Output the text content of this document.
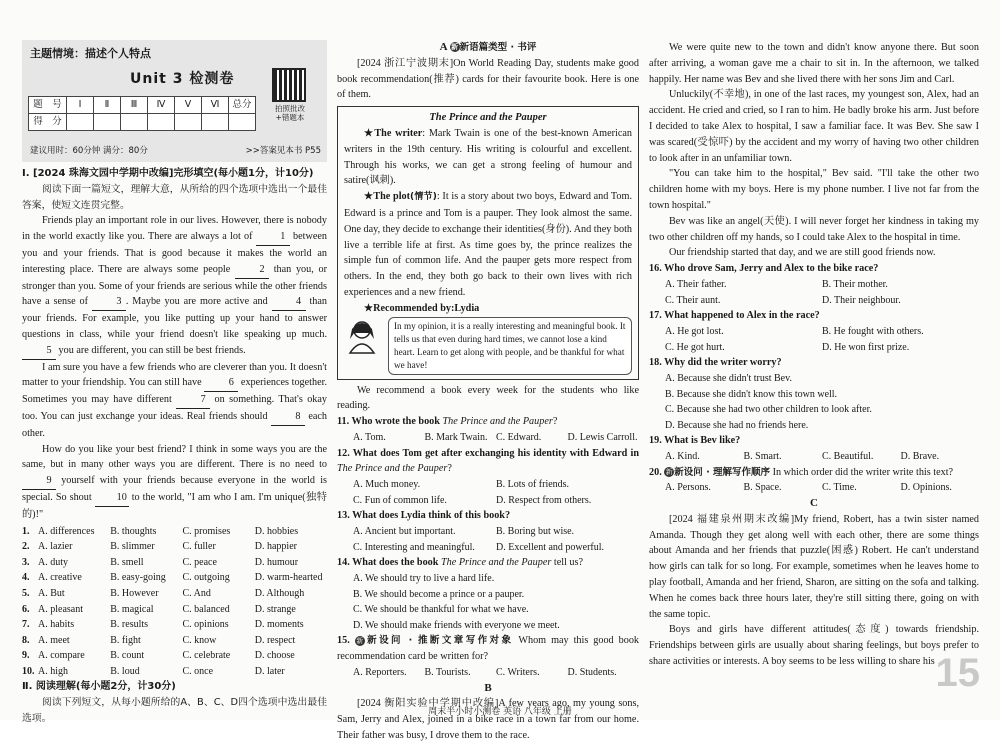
主题情境：描述个人特点
Unit 3 检测卷
题　号	Ⅰ	Ⅱ	Ⅲ	Ⅳ	Ⅴ	Ⅵ	总分
得　分							
拍照批改
+错题本
建议用时：60分钟 满分：80分	>>答案见本书 P55

Ⅰ. [2024 珠海文园中学期中改编]完形填空(每小题1分，计10分)

阅读下面一篇短文，理解大意，从所给的四个选项中选出一个最佳答案，使短文连贯完整。

Friends play an important role in our lives. However, there is nobody in the world exactly like you. There are always a lot of 1 between you and your friends. That is good because it makes the world an interesting place. There are always some people 2 than you, or stronger than you. Some of your friends are serious while the other friends have a sense of 3 . Maybe you are more active and 4 than your friends. For example, you like putting up your hand to answer questions in class, while your friend doesn't like speaking up much. 5 you are different, you can still be best friends.

I am sure you have a few friends who are cleverer than you. It doesn't matter to your friendship. You can still have 6 experiences together. Sometimes you may have different 7 on something. That's okay too. You can just exchange your ideas. Real friends should 8 each other.

How do you like your best friend? I think in some ways you are the same, but in many other ways you are different. There is no need to 9 yourself with your friends because everyone in the world is special. So shout 10 to the world, "I am who I am. I'm unique(独特的)!"

1. A. differences	B. thoughts	C. promises	D. hobbies
2. A. lazier	B. slimmer	C. fuller	D. happier
3. A. duty	B. smell	C. peace	D. humour
4. A. creative	B. easy-going	C. outgoing	D. warm-hearted
5. A. But	B. However	C. And	D. Although
6. A. pleasant	B. magical	C. balanced	D. strange
7. A. habits	B. results	C. opinions	D. moments
8. A. meet	B. fight	C. know	D. respect
9. A. compare	B. count	C. celebrate	D. choose
10. A. high	B. loud	C. once	D. later

Ⅱ. 阅读理解(每小题2分，计30分)

阅读下列短文，从每小题所给的A、B、C、D四个选项中选出最佳选项。

A 新 新语篇类型 · 书评

[2024 浙江宁波期末]On World Reading Day, students make good book recommendation(推荐) cards for their favourite book. Here is one of them.

The Prince and the Pauper

★The writer: Mark Twain is one of the best-known American writers in the 19th century. His writing is colourful and excellent. Through his works, we can get a strong feeling of humour and satire(讽刺).

★The plot(情节): It is a story about two boys, Edward and Tom. Edward is a prince and Tom is a pauper. They look almost the same. One day, they decide to exchange their identities(身份). And they both live a terrible life at first. As time goes by, the prince realizes the simple fun of common life. And the pauper gets more respect from others. In the end, they both go back to their own lives with rich experiences and a new friend.

★Recommended by:Lydia

In my opinion, it is a really interesting and meaningful book. It tells us that even during hard times, we cannot lose a kind heart. Learn to get along with people, and be thankful for what we have!

We recommend a book every week for the students who like reading.

11. Who wrote the book The Prince and the Pauper?

A. Tom.	B. Mark Twain. C. Edward.	D. Lewis Carroll.

12. What does Tom get after exchanging his identity with Edward in The Prince and the Pauper?

A. Much money.	B. Lots of friends.
C. Fun of common life.	D. Respect from others.

13. What does Lydia think of this book?

A. Ancient but important.	B. Boring but wise.
C. Interesting and meaningful.	D. Excellent and powerful.

14. What does the book The Prince and the Pauper tell us?

A. We should try to live a hard life.
B. We should become a prince or a pauper.
C. We should be thankful for what we have.
D. We should make friends with everyone we meet.

15. 新 新设问 · 推断文章写作对象 Whom may this good book recommendation card be written for?

A. Reporters.	B. Tourists.	C. Writers.	D. Students.
B

[2024 衡阳实验中学期中改编]A few years ago, my young sons, Sam, Jerry and Alex, joined in a bike race in a town far from our home. Their father was busy, I drove them to the race.

We were quite new to the town and didn't know anyone there. But soon after arriving, a woman gave me a chair to sit in. In the afternoon, we talked happily. Her name was Bev and she lived there with her sons Jim and Carl.

Unluckily(不幸地), in one of the last races, my youngest son, Alex, had an accident. He cried and cried, so I ran to him. He badly broke his arm. Just before I decided to take Alex to hospital, I saw a familiar face. It was Bev. She saw I was scared(受惊吓) by the accident and my worry of having two other children to look after in an unfamiliar town.

"You can take him to the hospital," Bev said. "I'll take the other two children home with my boys. Here is my phone number. I live not far from the town hospital."

Bev was like an angel(天使). I will never forget her kindness in taking my two other children off my hands, so I could take Alex to the hospital in time.

Our friendship started that day, and we are still good friends now.

16. Who drove Sam, Jerry and Alex to the bike race?

A. Their father.	B. Their mother.
C. Their aunt.	D. Their neighbour.

17. What happened to Alex in the race?

A. He got lost.	B. He fought with others.
C. He got hurt.	D. He won first prize.

18. Why did the writer worry?

A. Because she didn't trust Bev.
B. Because she didn't know this town well.
C. Because she had two other children to look after.
D. Because she had no friends here.

19. What is Bev like?

A. Kind.	B. Smart.	C. Beautiful.	D. Brave.

20. 新 新设问 · 理解写作顺序 In which order did the writer write this text?

A. Persons.	B. Space.	C. Time.	D. Opinions.
C

[2024 福建泉州期末改编]My friend, Robert, has a twin sister named Amanda. Though they get along well with each other, there are some things about Amanda and her friends that puzzle(困惑) Robert. He can't understand how girls can talk for so long. For example, sometimes when he leaves home to play football, Amanda and her friend, Sharon, are sitting on the sofa and talking. When he comes back three hours later, they're still sitting there, going on with the same topic.

Boys and girls have different attitudes(态度) towards friendship. Friendships between girls are usually about sharing feelings, but boys prefer to share activities or interests. A boy seems to be less willing to share his 15
周末半小时小测卷 英语 八年级 上册
